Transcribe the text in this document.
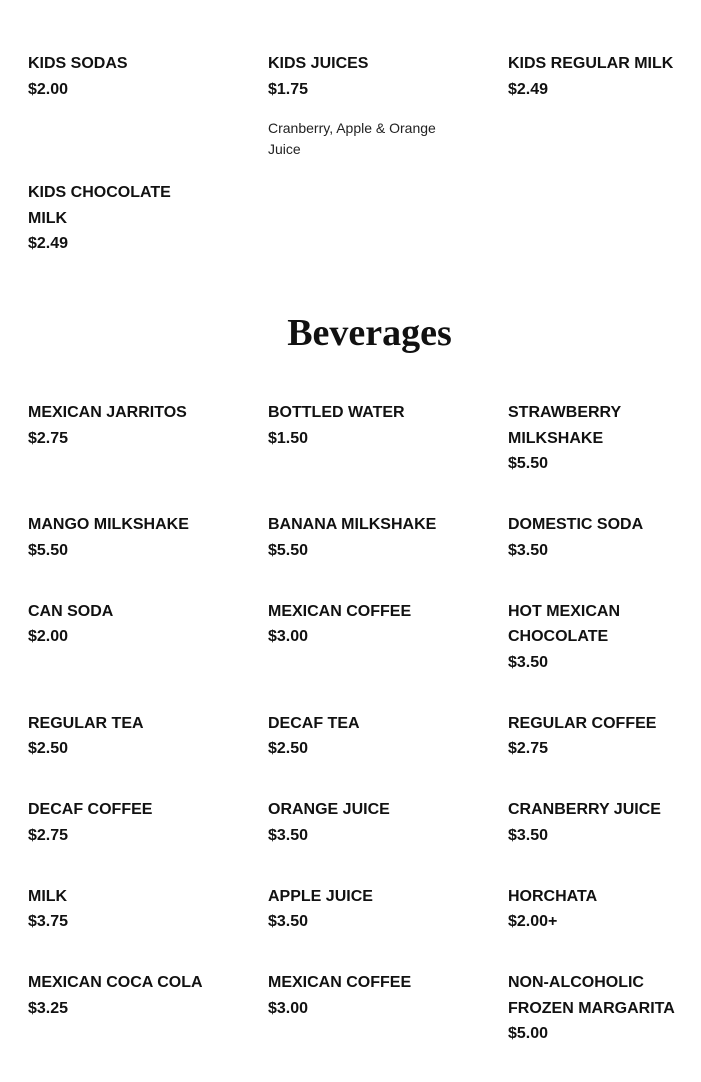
KIDS SODAS
$2.00
KIDS JUICES
$1.75
Cranberry, Apple & Orange Juice
KIDS REGULAR MILK
$2.49
KIDS CHOCOLATE MILK
$2.49
Beverages
MEXICAN JARRITOS
$2.75
BOTTLED WATER
$1.50
STRAWBERRY MILKSHAKE
$5.50
MANGO MILKSHAKE
$5.50
BANANA MILKSHAKE
$5.50
DOMESTIC SODA
$3.50
CAN SODA
$2.00
MEXICAN COFFEE
$3.00
HOT MEXICAN CHOCOLATE
$3.50
REGULAR TEA
$2.50
DECAF TEA
$2.50
REGULAR COFFEE
$2.75
DECAF COFFEE
$2.75
ORANGE JUICE
$3.50
CRANBERRY JUICE
$3.50
MILK
$3.75
APPLE JUICE
$3.50
HORCHATA
$2.00+
MEXICAN COCA COLA
$3.25
MEXICAN COFFEE
$3.00
NON-ALCOHOLIC FROZEN MARGARITA
$5.00
